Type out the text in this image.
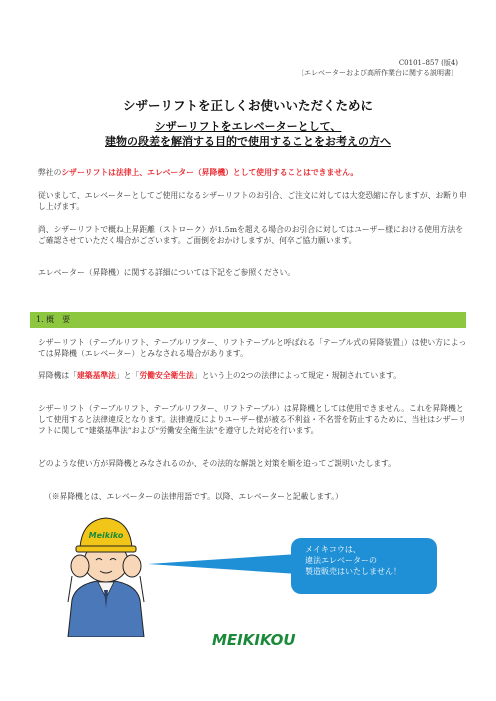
C0101–857 (版4)
〔エレベーターおよび高所作業台に関する説明書〕
シザーリフトを正しくお使いいただくために
シザーリフトをエレベーターとして、
建物の段差を解消する目的で使用することをお考えの方へ
弊社のシザーリフトは法律上、エレベーター（昇降機）として使用することはできません。
従いまして、エレベーターとしてご使用になるシザーリフトのお引合、ご注文に対しては大変恐縮に存しますが、お断り申し上げます。
尚、シザーリフトで概ね上昇距離（ストローク）が1.5mを超える場合のお引合に対してはユーザー様における使用方法をご確認させていただく場合がございます。ご面倒をおかけしますが、何卒ご協力願います。
エレベーター（昇降機）に関する詳細については下記をご参照ください。
1. 概　要
シザーリフト（テーブルリフト、テーブルリフター、リフトテーブルと呼ばれる「テーブル式の昇降装置」）は使い方によっては昇降機（エレベーター）とみなされる場合があります。
昇降機は「建築基準法」と「労働安全衛生法」という上の2つの法律によって規定・規制されています。
シザーリフト（テーブルリフト、テーブルリフター、リフトテーブル）は昇降機としては使用できません。これを昇降機として使用すると法律違反となります。法律違反によりユーザー様が被る不利益・不名誉を防止するために、当社はシザーリフトに関して“建築基準法”および“労働安全衛生法”を遵守した対応を行います。
どのような使い方が昇降機とみなされるのか、その法的な解説と対策を順を追ってご説明いたします。
（※昇降機とは、エレベーターの法律用語です。以降、エレベーターと記載します。）
Meikiko
メイキコウは、
違法エレベーターの
製造販売はいたしません！
MEIKIKOU
